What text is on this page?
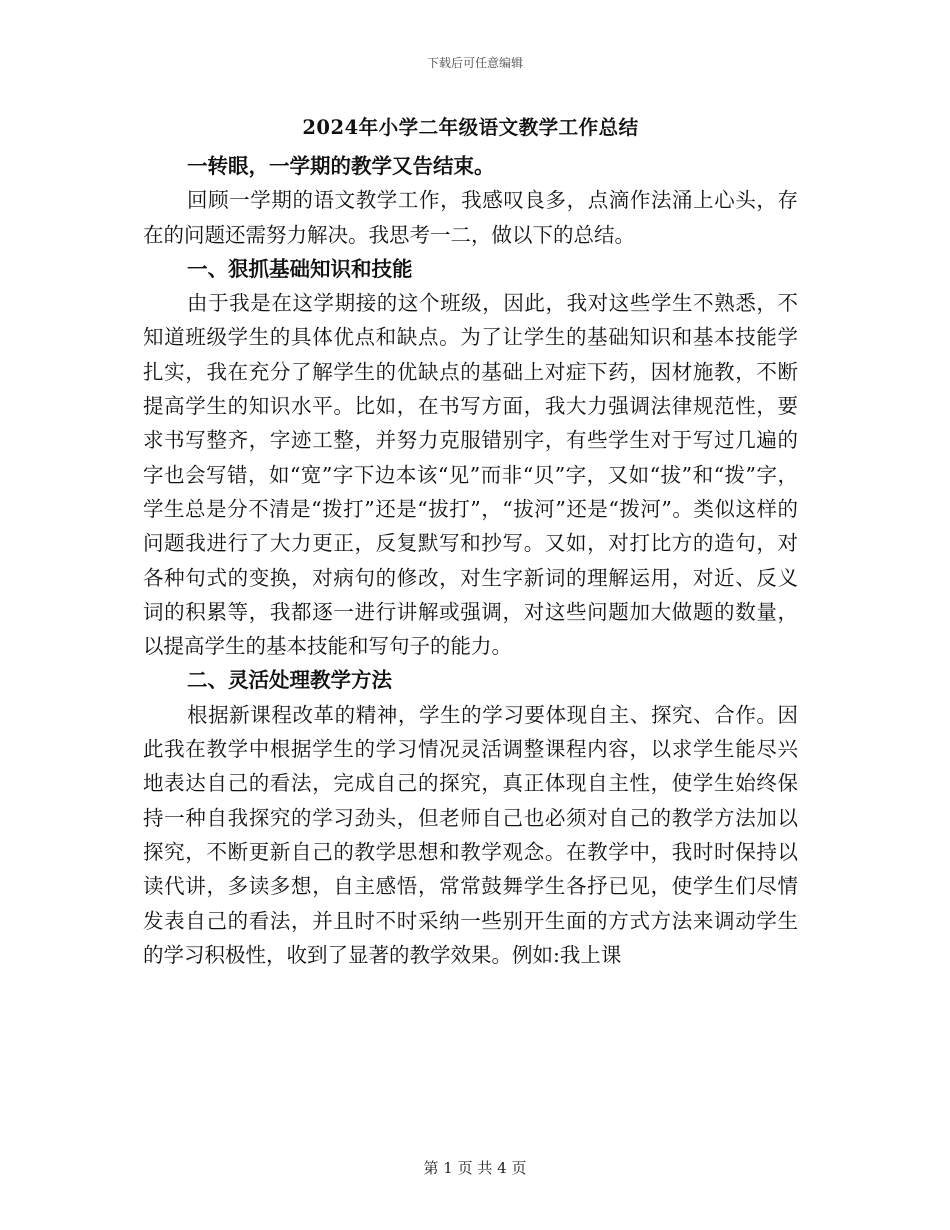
下载后可任意编辑
2024年小学二年级语文教学工作总结

一转眼，一学期的教学又告结束。

回顾一学期的语文教学工作，我感叹良多，点滴作法涌上心头，存在的问题还需努力解决。我思考一二，做以下的总结。

一、狠抓基础知识和技能

由于我是在这学期接的这个班级，因此，我对这些学生不熟悉，不知道班级学生的具体优点和缺点。为了让学生的基础知识和基本技能学扎实，我在充分了解学生的优缺点的基础上对症下药，因材施教，不断提高学生的知识水平。比如，在书写方面，我大力强调法律规范性，要求书写整齐，字迹工整，并努力克服错别字，有些学生对于写过几遍的字也会写错，如“宽”字下边本该“见”而非“贝”字，又如“拔”和“拨”字，学生总是分不清是“拨打”还是“拔打”，“拔河”还是“拨河”。类似这样的问题我进行了大力更正，反复默写和抄写。又如，对打比方的造句，对各种句式的变换，对病句的修改，对生字新词的理解运用，对近、反义词的积累等，我都逐一进行讲解或强调，对这些问题加大做题的数量，以提高学生的基本技能和写句子的能力。

二、灵活处理教学方法

根据新课程改革的精神，学生的学习要体现自主、探究、合作。因此我在教学中根据学生的学习情况灵活调整课程内容，以求学生能尽兴地表达自己的看法，完成自己的探究，真正体现自主性，使学生始终保持一种自我探究的学习劲头，但老师自己也必须对自己的教学方法加以探究，不断更新自己的教学思想和教学观念。在教学中，我时时保持以读代讲，多读多想，自主感悟，常常鼓舞学生各抒已见，使学生们尽情发表自己的看法，并且时不时采纳一些别开生面的方式方法来调动学生的学习积极性，收到了显著的教学效果。例如:我上课

第 1 页 共 4 页
